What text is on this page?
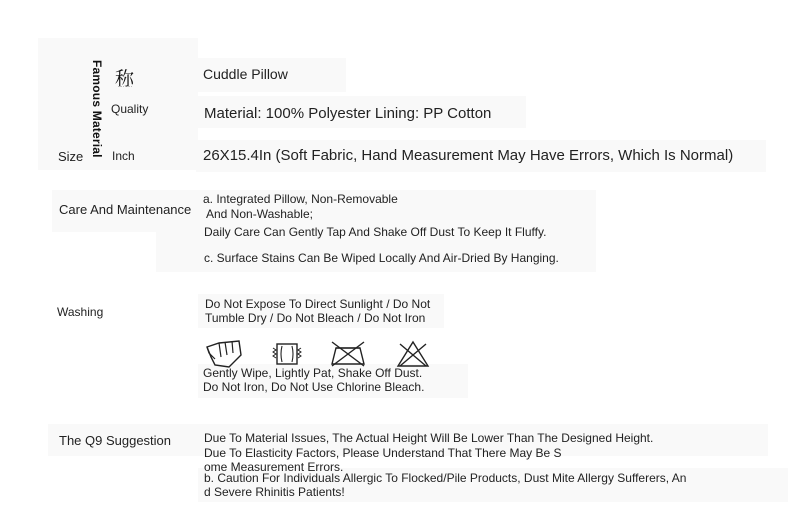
Famous Material 称
Quality
Size Inch
Cuddle Pillow
Material: 100% Polyester Lining: PP Cotton
26X15.4In (Soft Fabric, Hand Measurement May Have Errors, Which Is Normal)
Care And Maintenance
a. Integrated Pillow, Non-Removable
And Non-Washable;
Daily Care Can Gently Tap And Shake Off Dust To Keep It Fluffy.
c. Surface Stains Can Be Wiped Locally And Air-Dried By Hanging.
Washing
Do Not Expose To Direct Sunlight / Do Not
Tumble Dry / Do Not Bleach / Do Not Iron
Gently Wipe, Lightly Pat, Shake Off Dust.
Do Not Iron, Do Not Use Chlorine Bleach.
The Q9 Suggestion	Due To Material Issues, The Actual Height Will Be Lower Than The Designed Height.
Due To Elasticity Factors, Please Understand That There May Be S
ome Measurement Errors.
b. Caution For Individuals Allergic To Flocked/Pile Products, Dust Mite Allergy Sufferers, An
d Severe Rhinitis Patients!
